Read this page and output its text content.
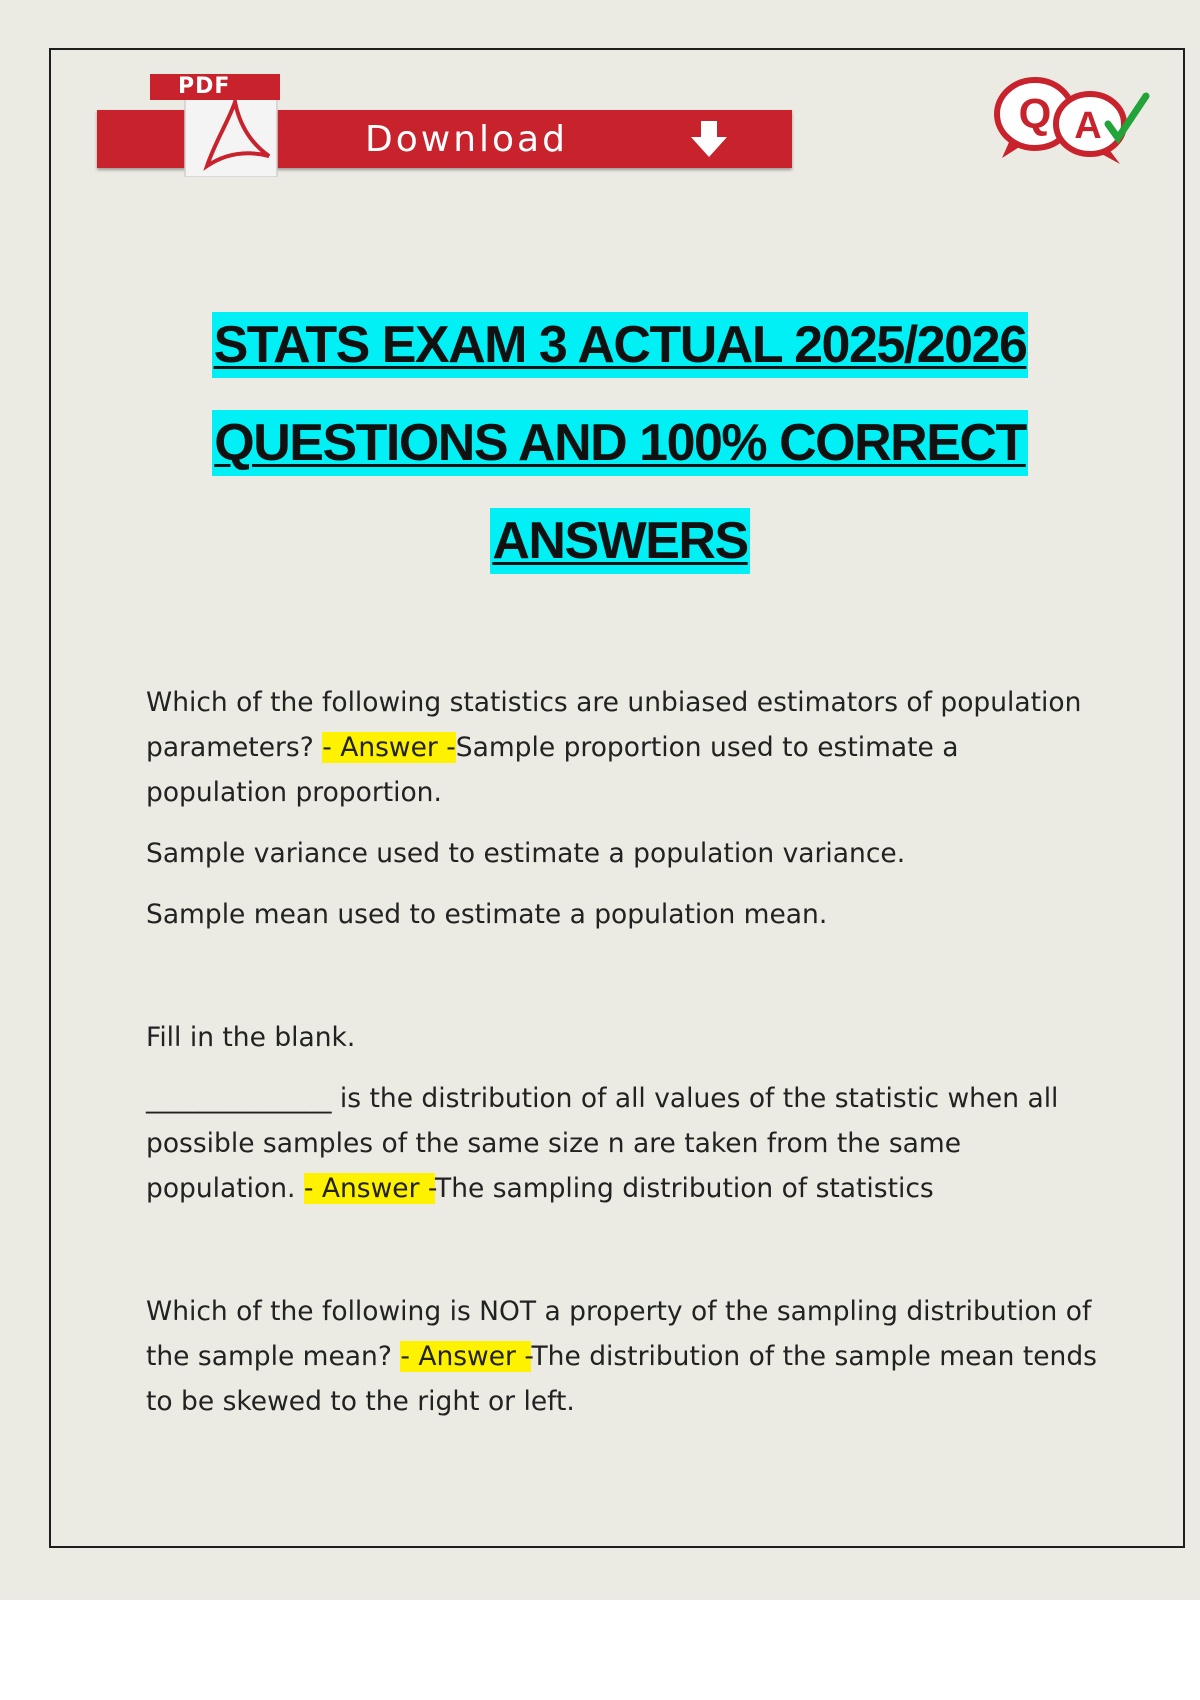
Download
PDF
Q A
STATS EXAM 3 ACTUAL 2025/2026
QUESTIONS AND 100% CORRECT
ANSWERS

Which of the following statistics are unbiased estimators of population parameters? - Answer -Sample proportion used to estimate a population proportion.

Sample variance used to estimate a population variance.

Sample mean used to estimate a population mean.

Fill in the blank.

______________ is the distribution of all values of the statistic when all possible samples of the same size n are taken from the same population. - Answer -The sampling distribution of statistics

Which of the following is NOT a property of the sampling distribution of the sample mean? - Answer -The distribution of the sample mean tends to be skewed to the right or left.
